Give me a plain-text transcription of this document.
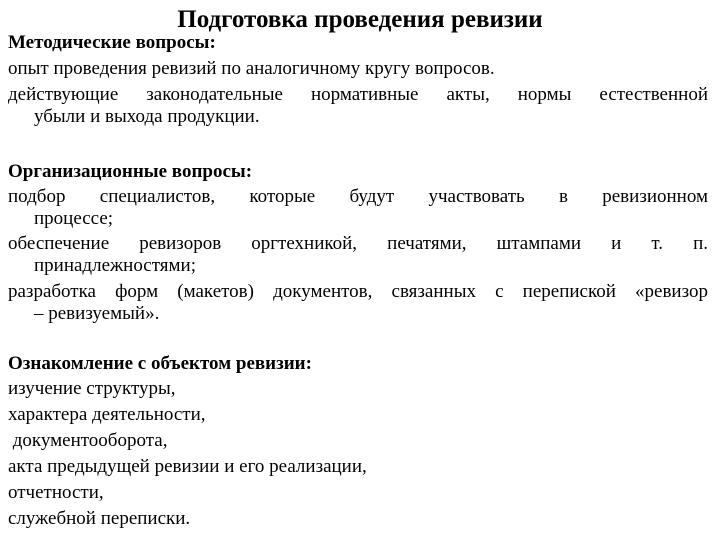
Подготовка проведения ревизии
Методические вопросы:
опыт проведения ревизий по аналогичному кругу вопросов.
действующие законодательные нормативные акты, нормы естественной
убыли и выхода продукции.
Организационные вопросы:
подбор специалистов, которые будут участвовать в ревизионном
процессе;
обеспечение ревизоров оргтехникой, печатями, штампами и т. п.
принадлежностями;
разработка форм (макетов) документов, связанных с перепиской «ревизор
– ревизуемый».
Ознакомление с объектом ревизии:
изучение структуры,
характера деятельности,
документооборота,
акта предыдущей ревизии и его реализации,
отчетности,
служебной переписки.
